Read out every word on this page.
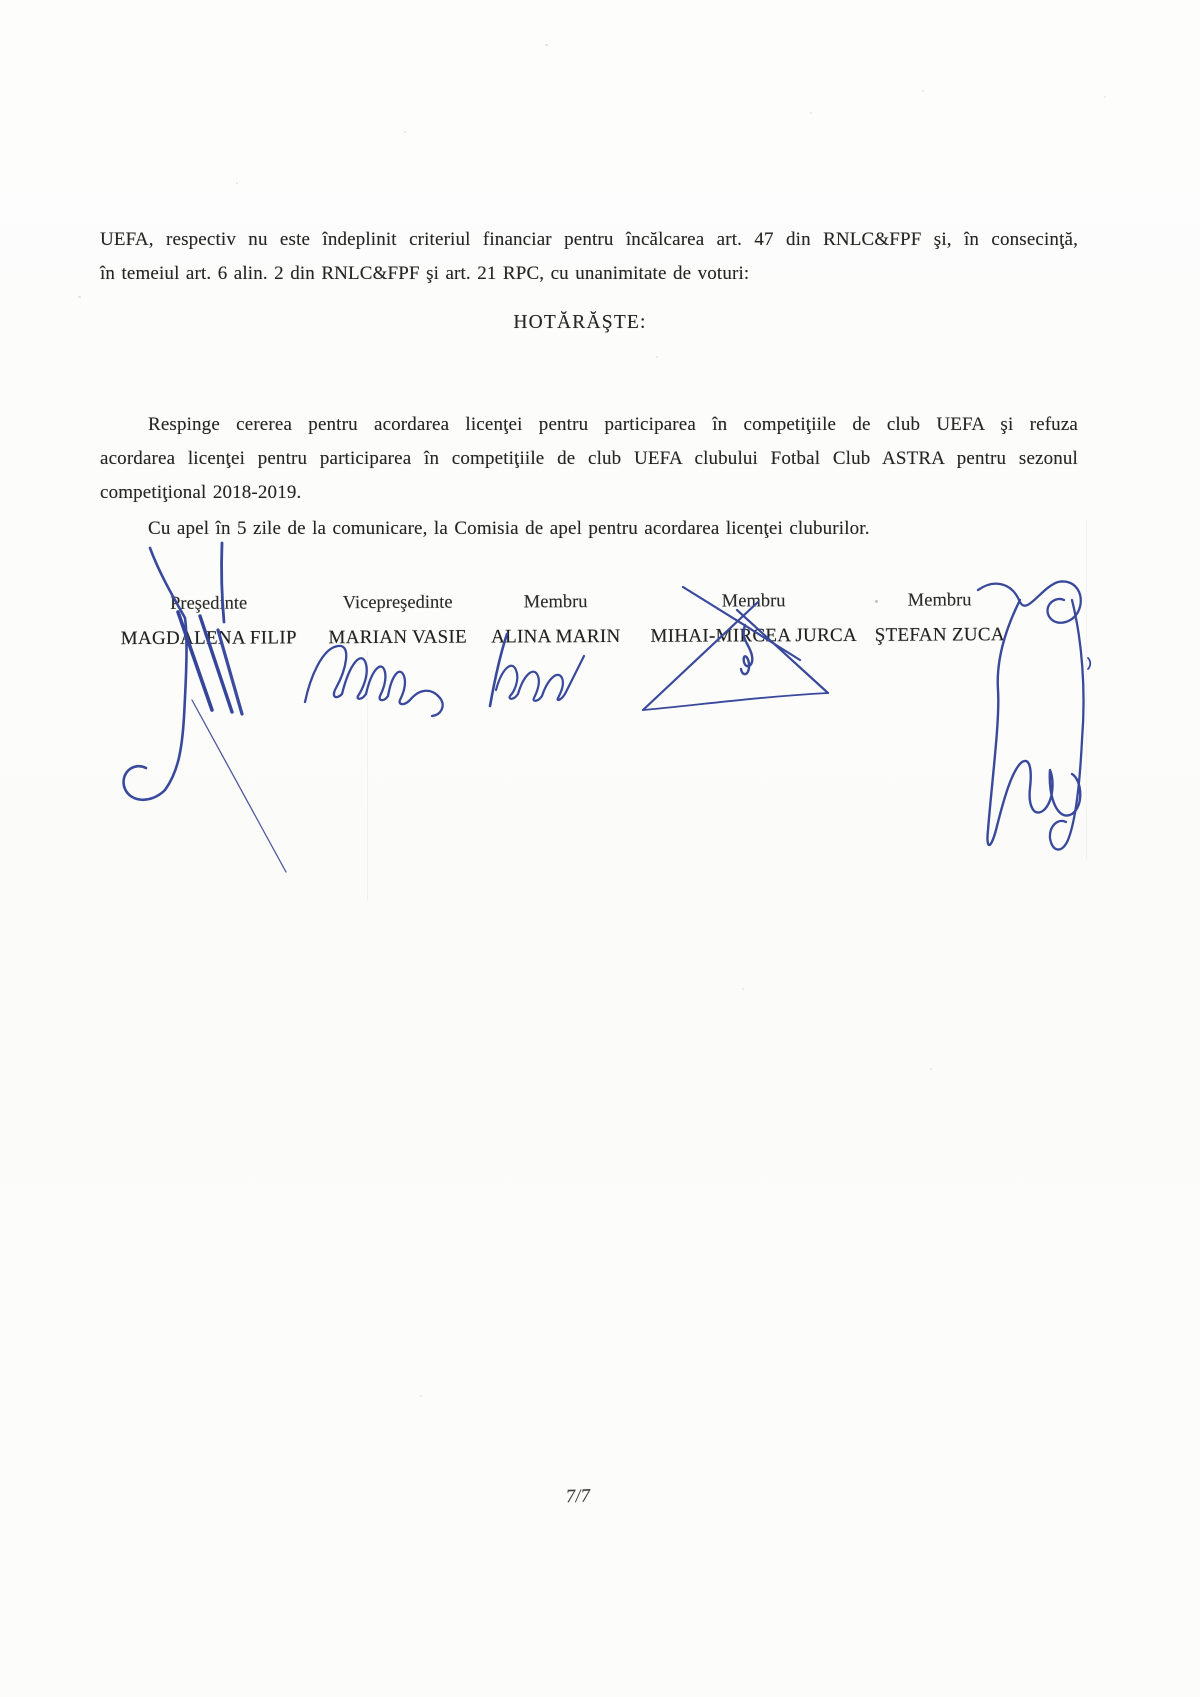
UEFA, respectiv nu este îndeplinit criteriul financiar pentru încălcarea art. 47 din RNLC&FPF şi, în consecinţă,
în temeiul art. 6 alin. 2 din RNLC&FPF şi art. 21 RPC, cu unanimitate de voturi:
HOTĂRĂŞTE:
Respinge cererea pentru acordarea licenţei pentru participarea în competiţiile de club UEFA şi refuza
acordarea licenţei pentru participarea în competiţiile de club UEFA clubului Fotbal Club ASTRA pentru sezonul
competiţional 2018-2019.
Cu apel în 5 zile de la comunicare, la Comisia de apel pentru acordarea licenţei cluburilor.
Preşedinte
MAGDALENA FILIP
Vicepreşedinte
MARIAN VASIE
Membru
ALINA MARIN
Membru
MIHAI-MIRCEA JURCA
Membru
ŞTEFAN ZUCA
7/7
